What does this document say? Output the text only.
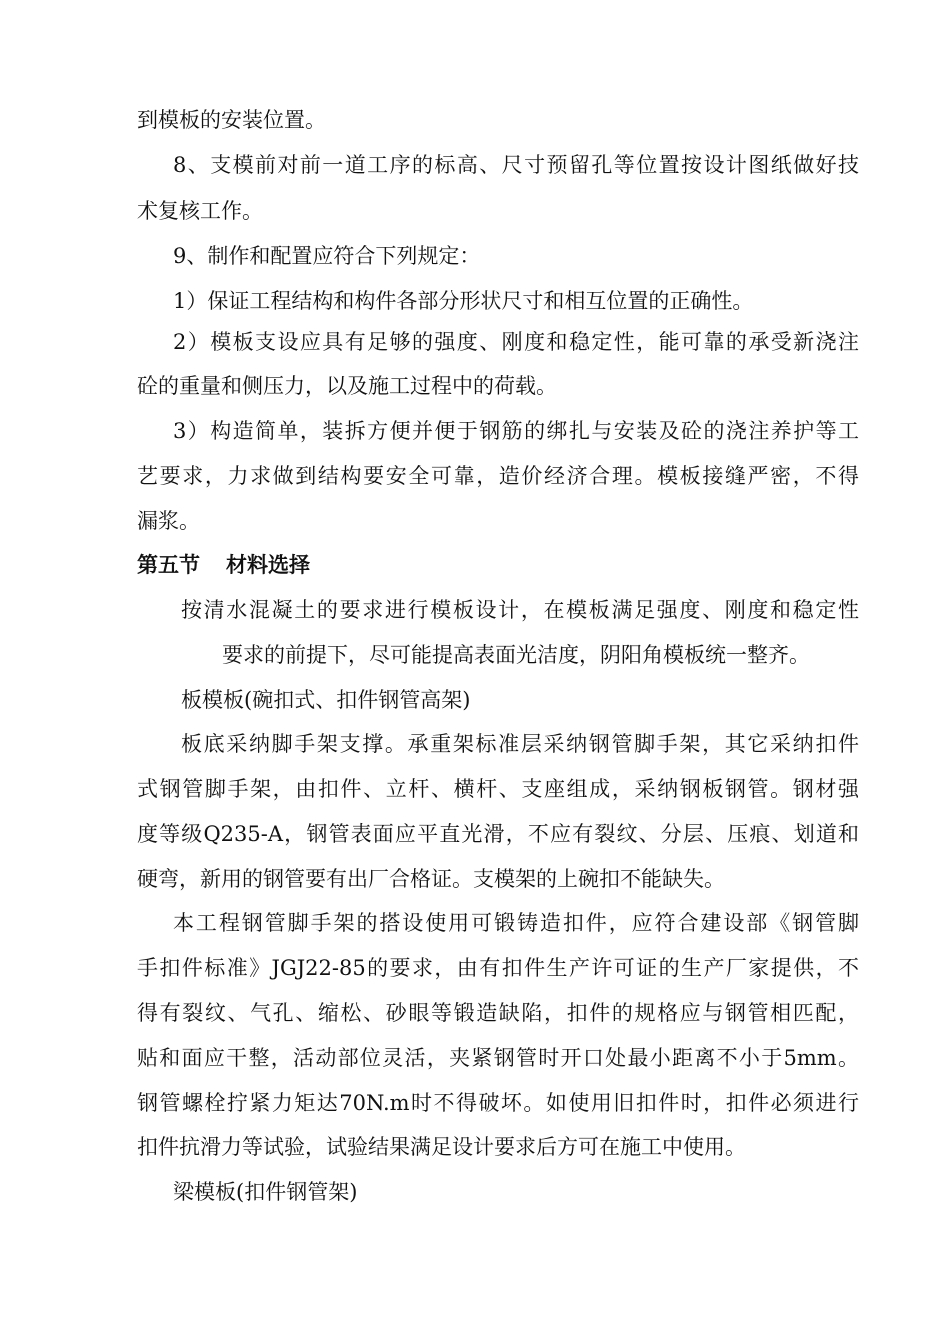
到模板的安装位置。
8、支模前对前一道工序的标高、尺寸预留孔等位置按设计图纸做好技
术复核工作。
9、制作和配置应符合下列规定：
1）保证工程结构和构件各部分形状尺寸和相互位置的正确性。
2）模板支设应具有足够的强度、刚度和稳定性，能可靠的承受新浇注
砼的重量和侧压力，以及施工过程中的荷载。
3）构造简单，装拆方便并便于钢筋的绑扎与安装及砼的浇注养护等工
艺要求，力求做到结构要安全可靠，造价经济合理。模板接缝严密，不得
漏浆。
第五节 材料选择
按清水混凝土的要求进行模板设计，在模板满足强度、刚度和稳定性
要求的前提下，尽可能提高表面光洁度，阴阳角模板统一整齐。
板模板(碗扣式、扣件钢管高架)
板底采纳脚手架支撑。承重架标准层采纳钢管脚手架，其它采纳扣件
式钢管脚手架，由扣件、立杆、横杆、支座组成，采纳钢板钢管。钢材强
度等级Q235-A，钢管表面应平直光滑，不应有裂纹、分层、压痕、划道和
硬弯，新用的钢管要有出厂合格证。支模架的上碗扣不能缺失。
本工程钢管脚手架的搭设使用可锻铸造扣件，应符合建设部《钢管脚
手扣件标准》JGJ22-85的要求，由有扣件生产许可证的生产厂家提供，不
得有裂纹、气孔、缩松、砂眼等锻造缺陷，扣件的规格应与钢管相匹配，
贴和面应干整，活动部位灵活，夹紧钢管时开口处最小距离不小于5mm。
钢管螺栓拧紧力矩达70N.m时不得破坏。如使用旧扣件时，扣件必须进行
扣件抗滑力等试验，试验结果满足设计要求后方可在施工中使用。
梁模板(扣件钢管架)
